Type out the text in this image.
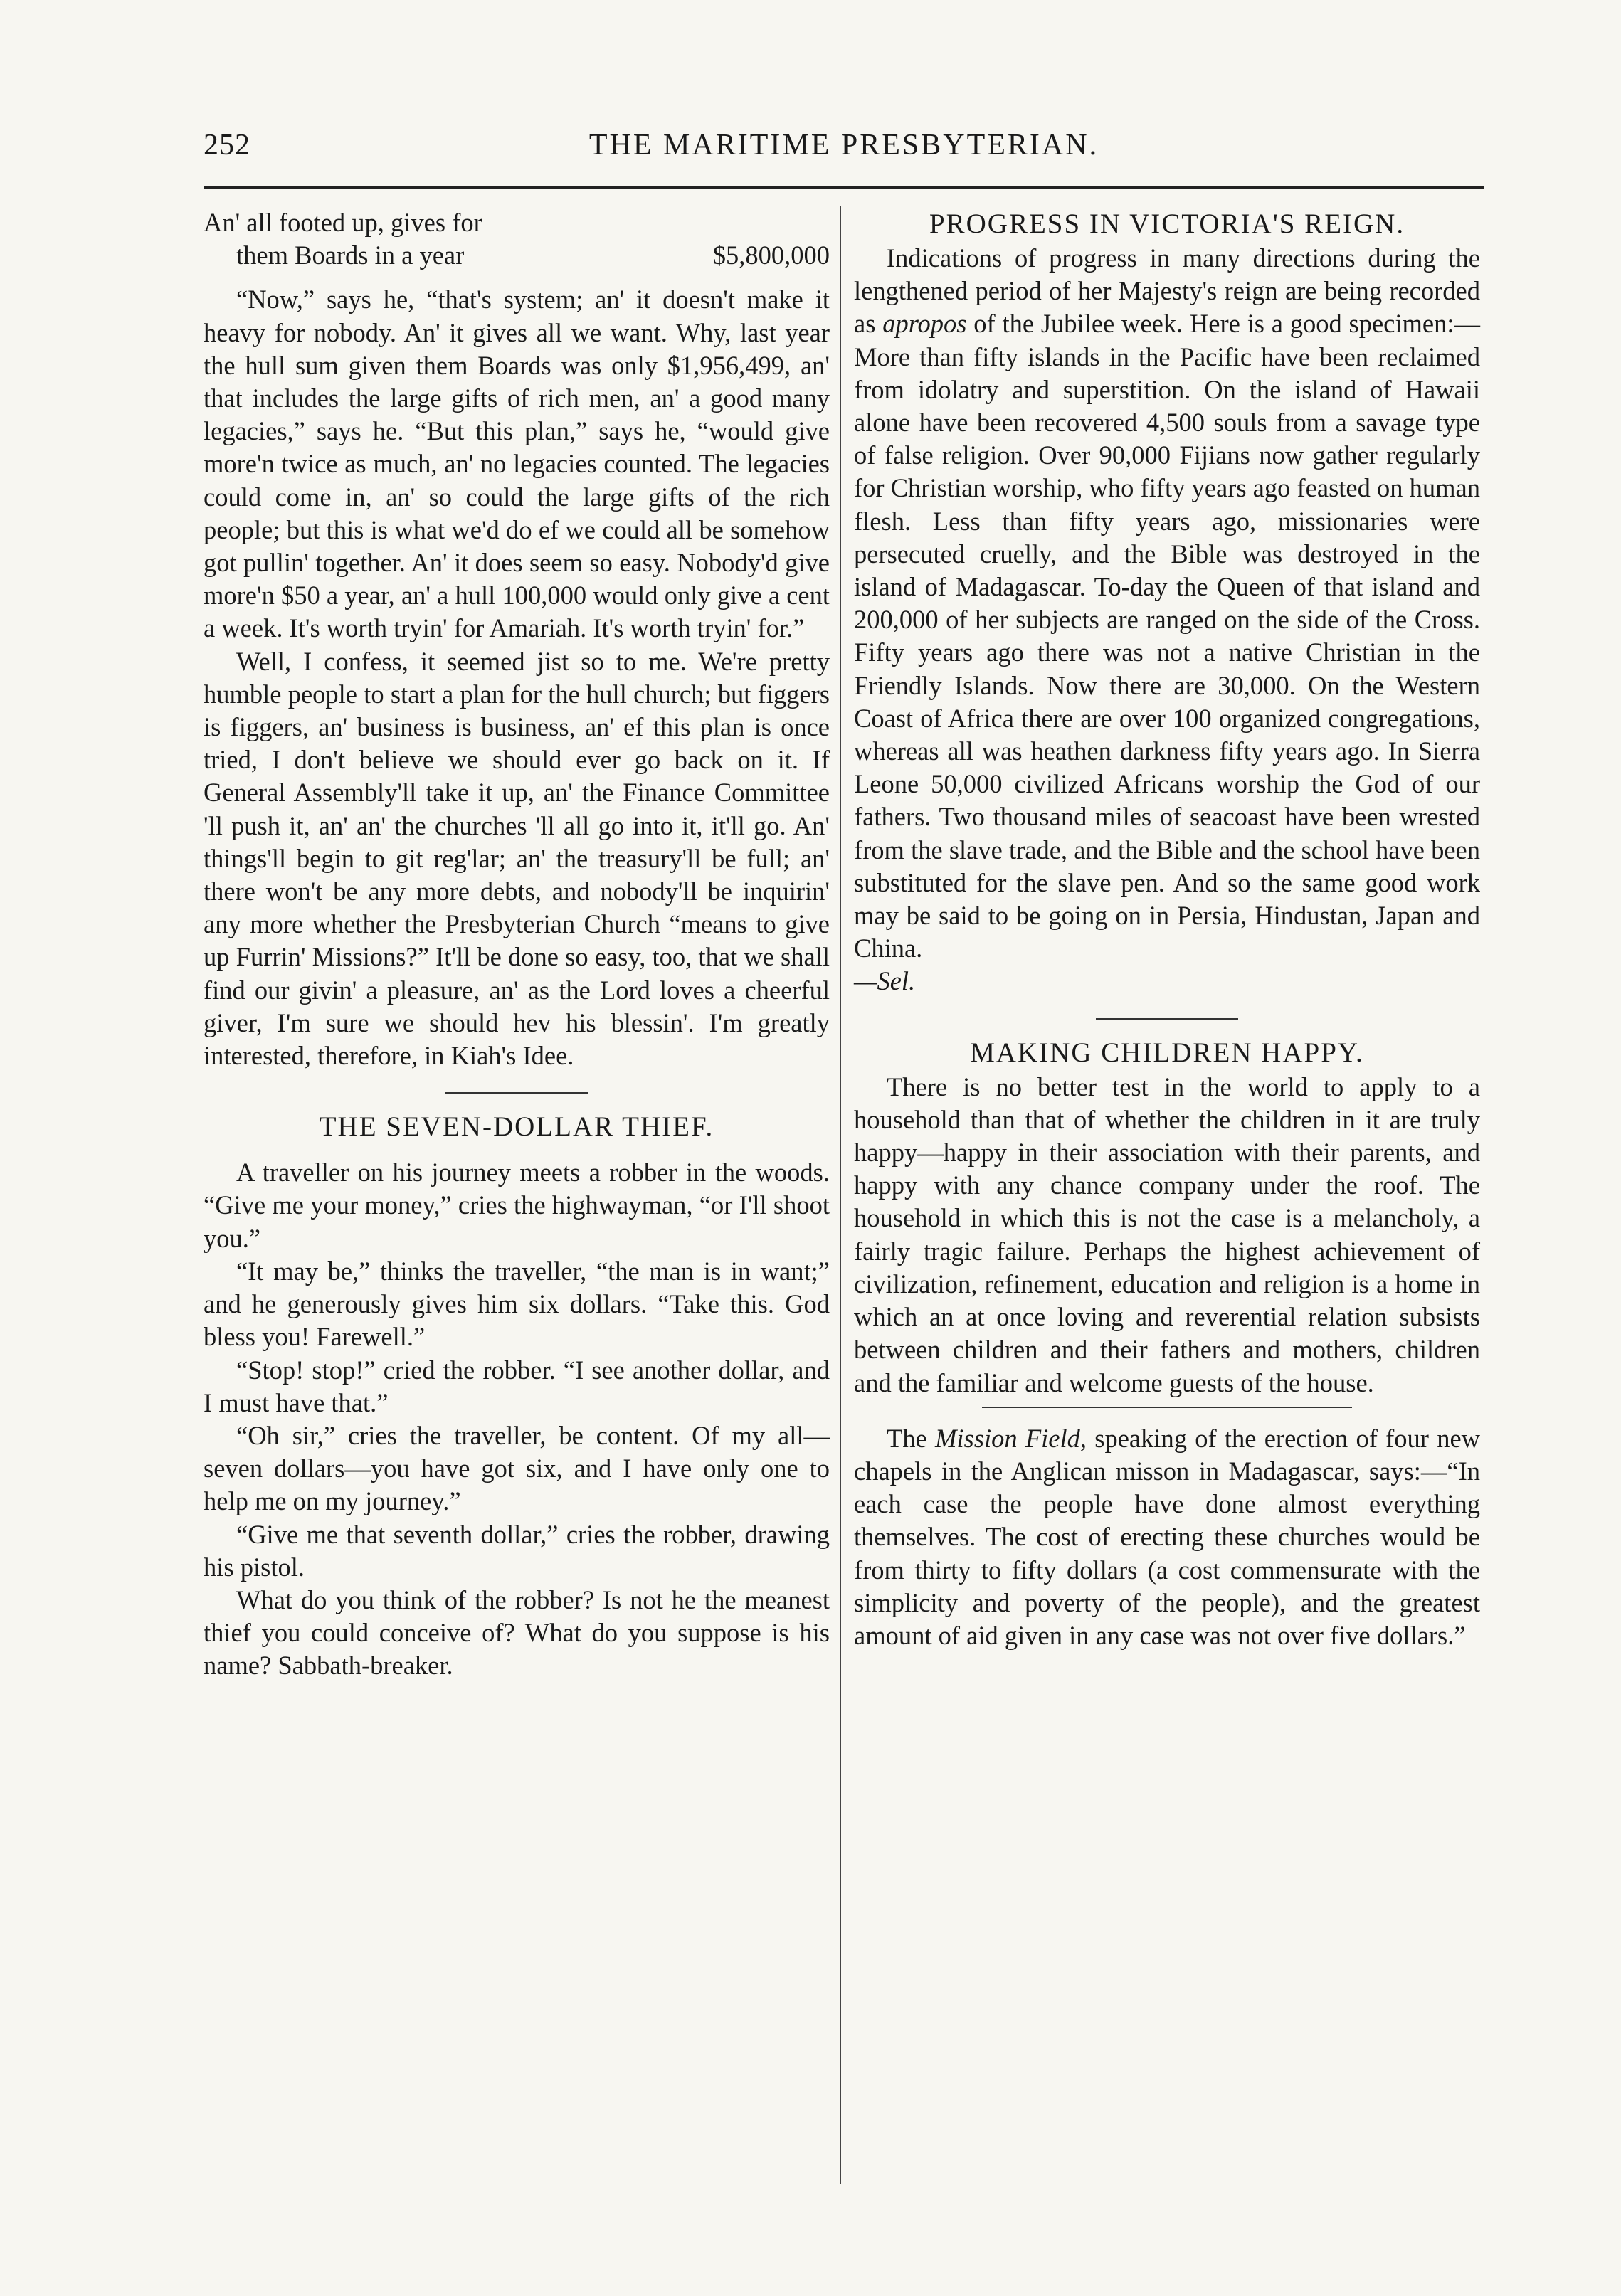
252	THE MARITIME PRESBYTERIAN.

An' all footed up, gives for

them Boards in a year	$5,800,000

“Now,” says he, “that's system; an' it doesn't make it heavy for nobody. An' it gives all we want. Why, last year the hull sum given them Boards was only $1,956,499, an' that includes the large gifts of rich men, an' a good many legacies,” says he. “But this plan,” says he, “would give more'n twice as much, an' no legacies counted. The legacies could come in, an' so could the large gifts of the rich people; but this is what we'd do ef we could all be somehow got pullin' together. An' it does seem so easy. Nobody'd give more'n $50 a year, an' a hull 100,000 would only give a cent a week. It's worth tryin' for Amariah. It's worth tryin' for.”

Well, I confess, it seemed jist so to me. We're pretty humble people to start a plan for the hull church; but figgers is figgers, an' business is business, an' ef this plan is once tried, I don't believe we should ever go back on it. If General Assembly'll take it up, an' the Finance Committee 'll push it, an' an' the churches 'll all go into it, it'll go. An' things'll begin to git reg'lar; an' the treasury'll be full; an' there won't be any more debts, and nobody'll be inquirin' any more whether the Presbyterian Church “means to give up Furrin' Missions?” It'll be done so easy, too, that we shall find our givin' a pleasure, an' as the Lord loves a cheerful giver, I'm sure we should hev his blessin'. I'm greatly interested, therefore, in Kiah's Idee.

THE SEVEN-DOLLAR THIEF.

A traveller on his journey meets a robber in the woods. “Give me your money,” cries the highwayman, “or I'll shoot you.”

“It may be,” thinks the traveller, “the man is in want;” and he generously gives him six dollars. “Take this. God bless you! Farewell.”

“Stop! stop!” cried the robber. “I see another dollar, and I must have that.”

“Oh sir,” cries the traveller, be content. Of my all—seven dollars—you have got six, and I have only one to help me on my journey.”

“Give me that seventh dollar,” cries the robber, drawing his pistol.

What do you think of the robber? Is not he the meanest thief you could conceive of? What do you suppose is his name? Sabbath-breaker.

PROGRESS IN VICTORIA'S REIGN.

Indications of progress in many directions during the lengthened period of her Majesty's reign are being recorded as apropos of the Jubilee week. Here is a good specimen:—More than fifty islands in the Pacific have been reclaimed from idolatry and superstition. On the island of Hawaii alone have been recovered 4,500 souls from a savage type of false religion. Over 90,000 Fijians now gather regularly for Christian worship, who fifty years ago feasted on human flesh. Less than fifty years ago, missionaries were persecuted cruelly, and the Bible was destroyed in the island of Madagascar. To-day the Queen of that island and 200,000 of her subjects are ranged on the side of the Cross. Fifty years ago there was not a native Christian in the Friendly Islands. Now there are 30,000. On the Western Coast of Africa there are over 100 organized congregations, whereas all was heathen darkness fifty years ago. In Sierra Leone 50,000 civilized Africans worship the God of our fathers. Two thousand miles of seacoast have been wrested from the slave trade, and the Bible and the school have been substituted for the slave pen. And so the same good work may be said to be going on in Persia, Hindustan, Japan and China.

—Sel.

MAKING CHILDREN HAPPY.

There is no better test in the world to apply to a household than that of whether the children in it are truly happy—happy in their association with their parents, and happy with any chance company under the roof. The household in which this is not the case is a melancholy, a fairly tragic failure. Perhaps the highest achievement of civilization, refinement, education and religion is a home in which an at once loving and reverential relation subsists between children and their fathers and mothers, children and the familiar and welcome guests of the house.

The Mission Field, speaking of the erection of four new chapels in the Anglican misson in Madagascar, says:—“In each case the people have done almost everything themselves. The cost of erecting these churches would be from thirty to fifty dollars (a cost commensurate with the simplicity and poverty of the people), and the greatest amount of aid given in any case was not over five dollars.”
